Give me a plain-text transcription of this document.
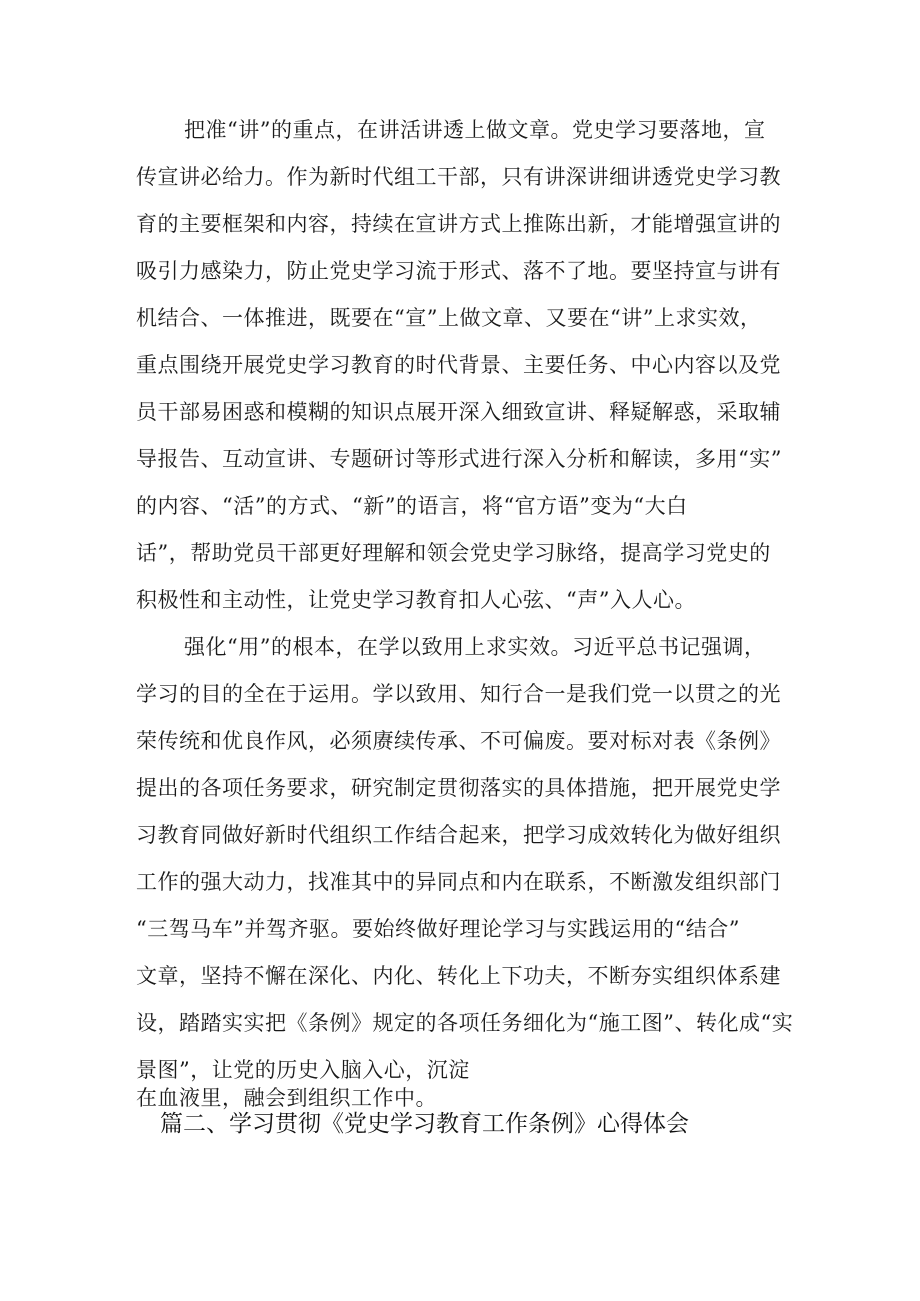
把准“讲”的重点，在讲活讲透上做文章。党史学习要落地，宣
传宣讲必给力。作为新时代组工干部，只有讲深讲细讲透党史学习教
育的主要框架和内容，持续在宣讲方式上推陈出新，才能增强宣讲的
吸引力感染力，防止党史学习流于形式、落不了地。要坚持宣与讲有
机结合、一体推进，既要在“宣”上做文章、又要在“讲”上求实效，
重点围绕开展党史学习教育的时代背景、主要任务、中心内容以及党
员干部易困惑和模糊的知识点展开深入细致宣讲、释疑解惑，采取辅
导报告、互动宣讲、专题研讨等形式进行深入分析和解读，多用“实”
的内容、“活”的方式、“新”的语言，将“官方语”变为“大白
话”，帮助党员干部更好理解和领会党史学习脉络，提高学习党史的
积极性和主动性，让党史学习教育扣人心弦、“声”入人心。
强化“用”的根本，在学以致用上求实效。习近平总书记强调，
学习的目的全在于运用。学以致用、知行合一是我们党一以贯之的光
荣传统和优良作风，必须赓续传承、不可偏废。要对标对表《条例》
提出的各项任务要求，研究制定贯彻落实的具体措施，把开展党史学
习教育同做好新时代组织工作结合起来，把学习成效转化为做好组织
工作的强大动力，找准其中的异同点和内在联系，不断激发组织部门
“三驾马车”并驾齐驱。要始终做好理论学习与实践运用的“结合”
文章，坚持不懈在深化、内化、转化上下功夫，不断夯实组织体系建
设，踏踏实实把《条例》规定的各项任务细化为“施工图”、转化成“实
景图”，让党的历史入脑入心，沉淀
在血液里，融会到组织工作中。
篇二、学习贯彻《党史学习教育工作条例》心得体会
